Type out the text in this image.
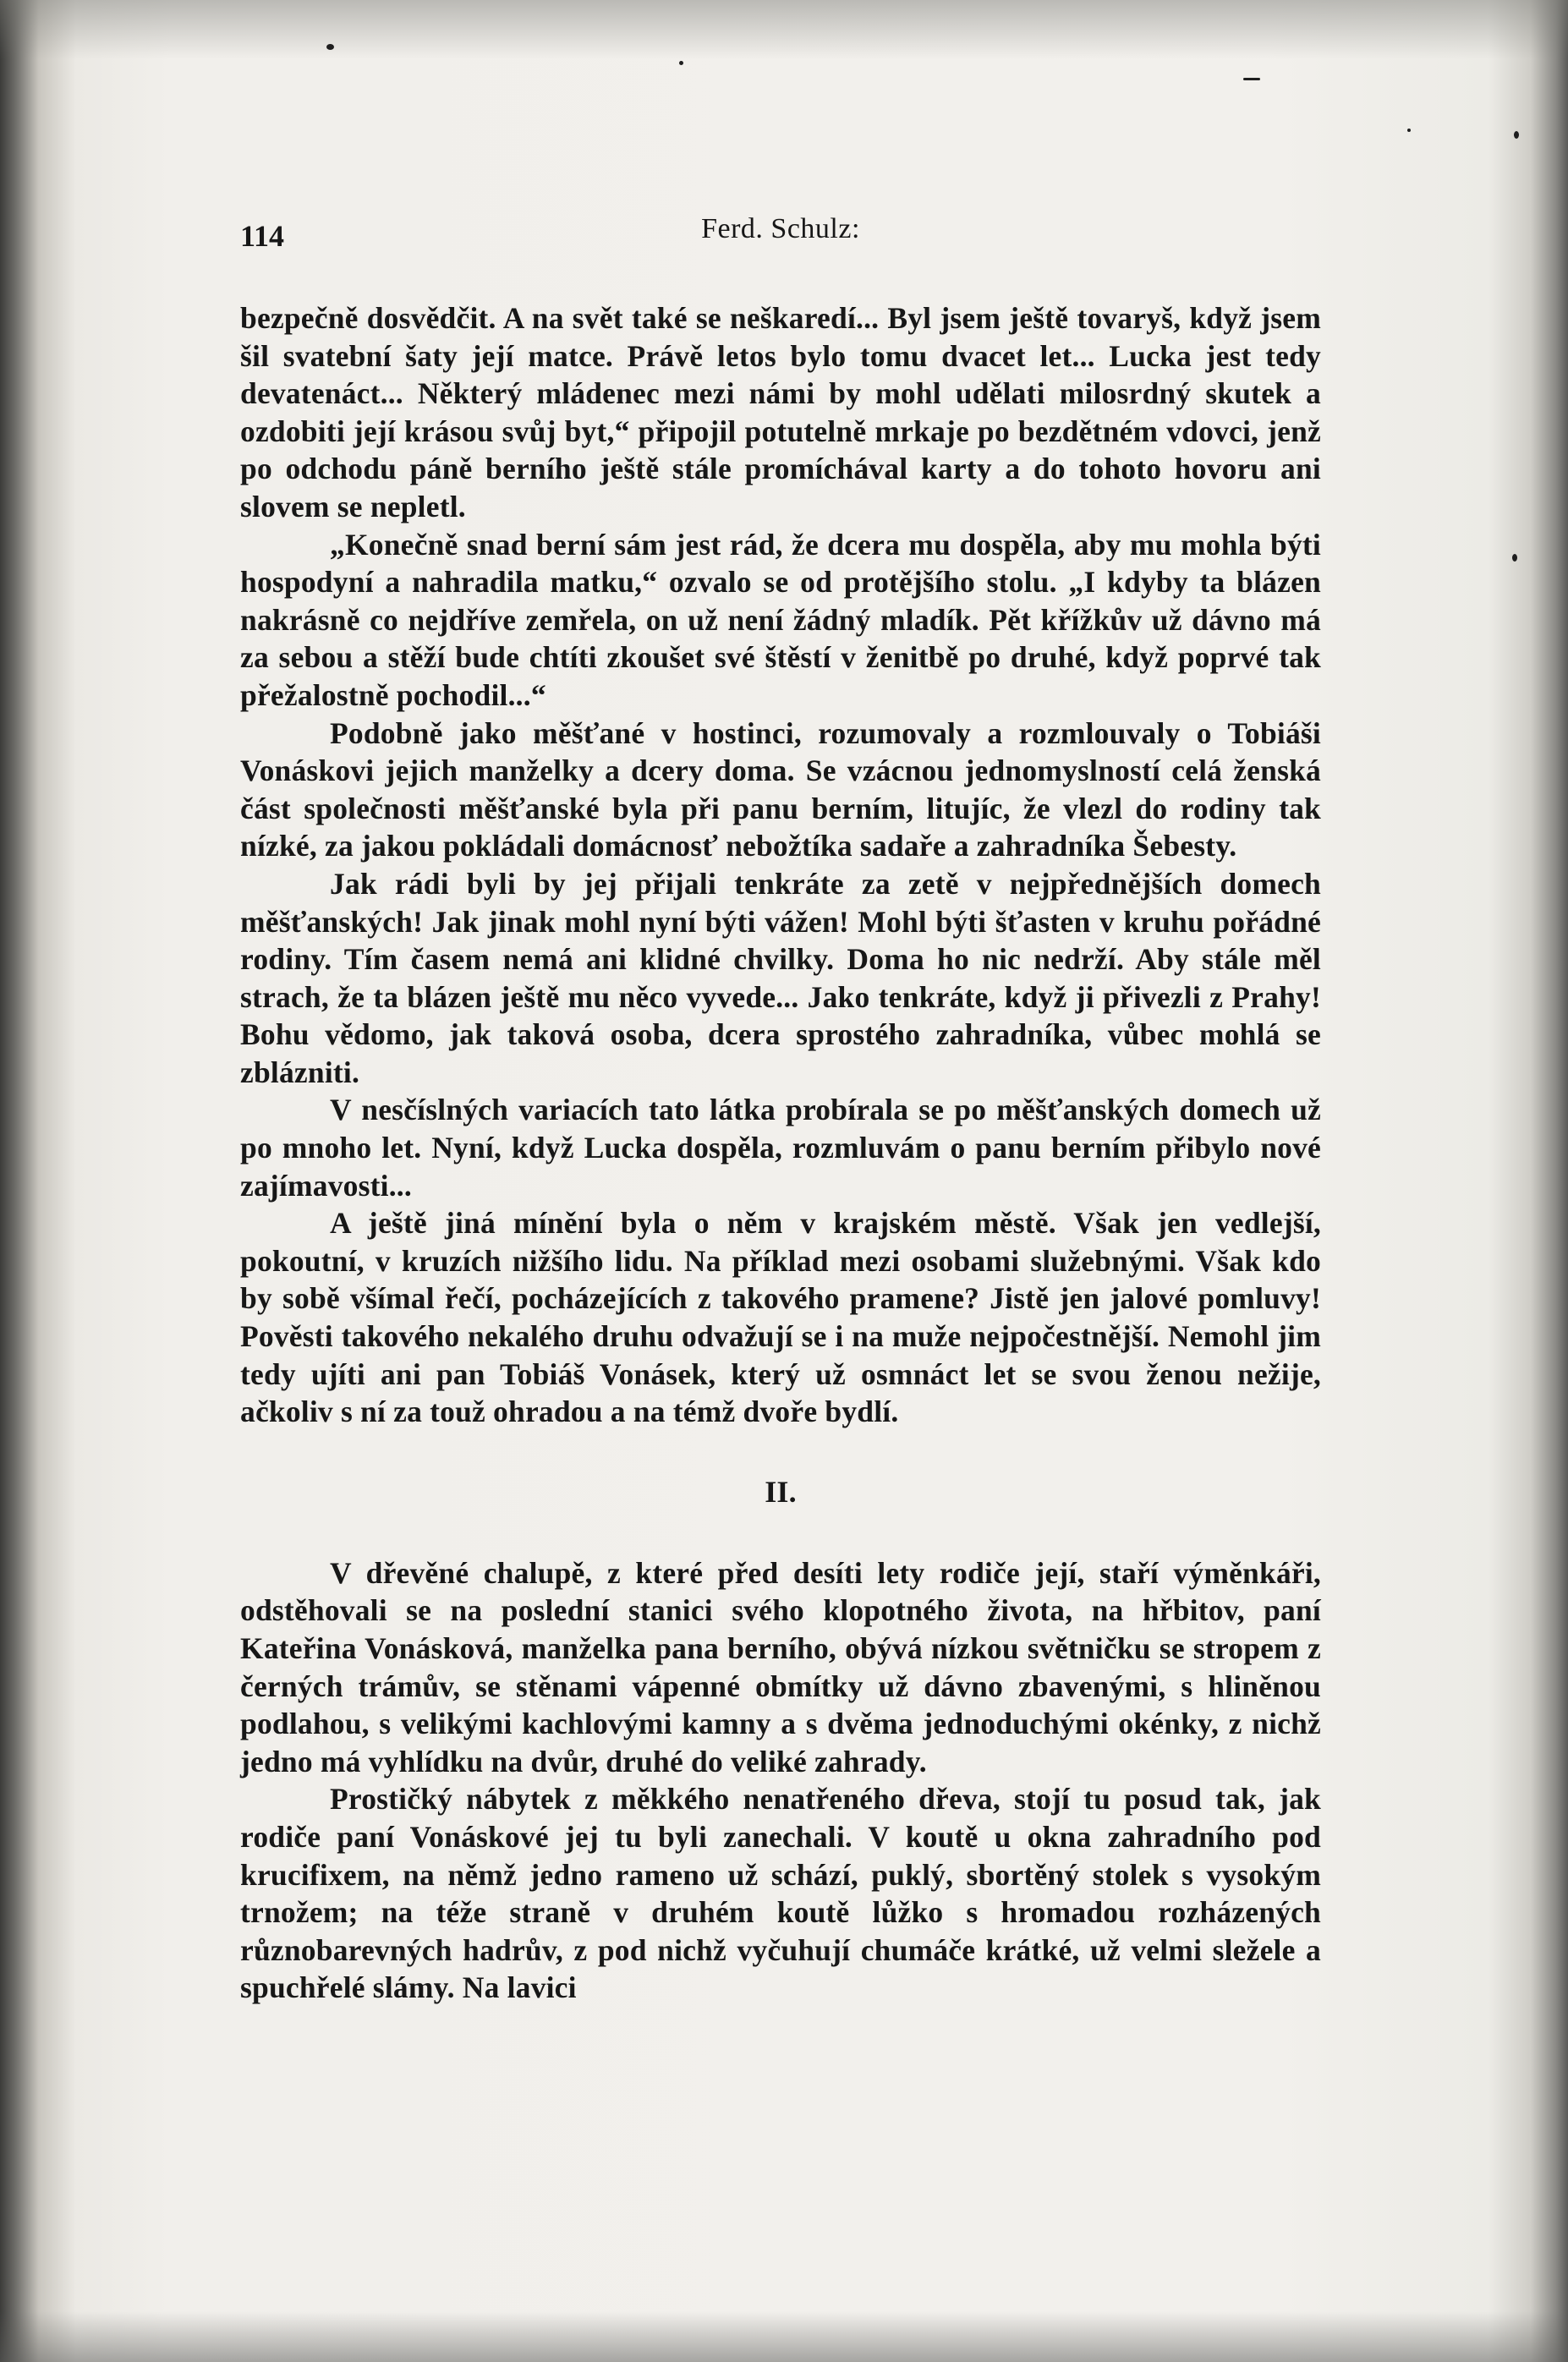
114	Ferd. Schulz:

bezpečně dosvědčit. A na svět také se neškaredí... Byl jsem ještě tovaryš, když jsem šil svatební šaty její matce. Právě letos bylo tomu dvacet let... Lucka jest tedy devatenáct... Některý mládenec mezi námi by mohl udělati milosrdný skutek a ozdobiti její krásou svůj byt,“ připojil potutelně mrkaje po bezdětném vdovci, jenž po odchodu páně berního ještě stále promíchával karty a do tohoto hovoru ani slovem se nepletl.

„Konečně snad berní sám jest rád, že dcera mu dospěla, aby mu mohla býti hospodyní a nahradila matku,“ ozvalo se od protějšího stolu. „I kdyby ta blázen nakrásně co nejdříve zemřela, on už není žádný mladík. Pět křížkův už dávno má za sebou a stěží bude chtíti zkoušet své štěstí v ženitbě po druhé, když poprvé tak přežalostně pochodil...“

Podobně jako měšťané v hostinci, rozumovaly a rozmlouvaly o Tobiáši Vonáskovi jejich manželky a dcery doma. Se vzácnou jednomyslností celá ženská část společnosti měšťanské byla při panu berním, litujíc, že vlezl do rodiny tak nízké, za jakou pokládali domácnosť nebožtíka sadaře a zahradníka Šebesty.

Jak rádi byli by jej přijali tenkráte za zetě v nejpřednějších domech měšťanských! Jak jinak mohl nyní býti vážen! Mohl býti šťasten v kruhu pořádné rodiny. Tím časem nemá ani klidné chvilky. Doma ho nic nedrží. Aby stále měl strach, že ta blázen ještě mu něco vyvede... Jako tenkráte, když ji přivezli z Prahy! Bohu vědomo, jak taková osoba, dcera sprostého zahradníka, vůbec mohlá se zblázniti.

V nesčíslných variacích tato látka probírala se po měšťanských domech už po mnoho let. Nyní, když Lucka dospěla, rozmluvám o panu berním přibylo nové zajímavosti...

A ještě jiná mínění byla o něm v krajském městě. Však jen vedlejší, pokoutní, v kruzích nižšího lidu. Na příklad mezi osobami služebnými. Však kdo by sobě všímal řečí, pocházejících z takového pramene? Jistě jen jalové pomluvy! Pověsti takového nekalého druhu odvažují se i na muže nejpočestnější. Nemohl jim tedy ujíti ani pan Tobiáš Vonásek, který už osmnáct let se svou ženou nežije, ačkoliv s ní za touž ohradou a na témž dvoře bydlí.

II.

V dřevěné chalupě, z které před desíti lety rodiče její, staří výměnkáři, odstěhovali se na poslední stanici svého klopotného života, na hřbitov, paní Kateřina Vonásková, manželka pana berního, obývá nízkou světničku se stropem z černých trámův, se stěnami vápenné obmítky už dávno zbavenými, s hliněnou podlahou, s velikými kachlovými kamny a s dvěma jednoduchými okénky, z nichž jedno má vyhlídku na dvůr, druhé do veliké zahrady.

Prostičký nábytek z měkkého nenatřeného dřeva, stojí tu posud tak, jak rodiče paní Vonáskové jej tu byli zanechali. V koutě u okna zahradního pod krucifixem, na němž jedno rameno už schází, puklý, sbortěný stolek s vysokým trnožem; na téže straně v druhém koutě lůžko s hromadou rozházených různobarevných hadrův, z pod nichž vyčuhují chumáče krátké, už velmi sležele a spuchřelé slámy. Na lavici
